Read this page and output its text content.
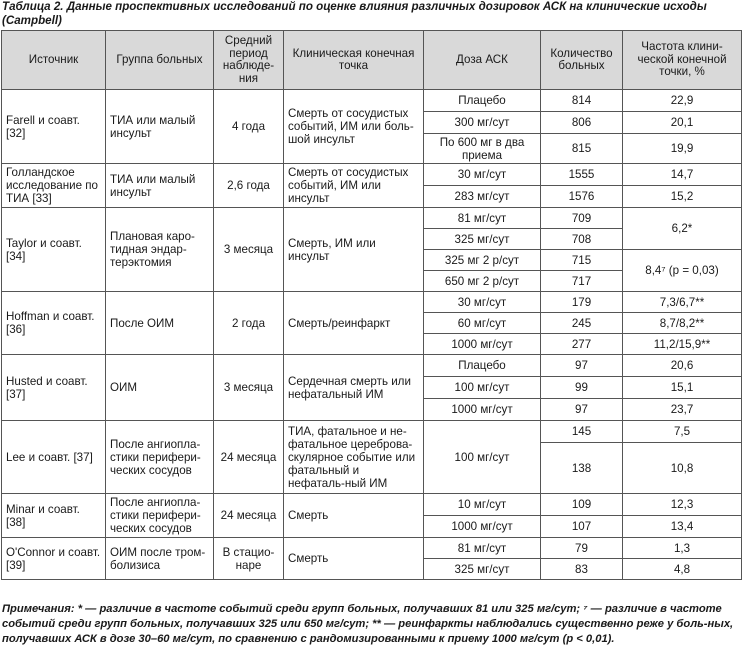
Таблица 2. Данные проспективных исследований по оценке влияния различных дозировок АСК на клинические исходы (Campbell)
Источник	Группа больных	Средний период наблюде-ния	Клиническая конечная точка	Доза АСК	Количество больных	Частота клини-ческой конечной точки, %
Farell и соавт. [32]	ТИА или малый инсульт	4 года	Смерть от сосудистых событий, ИМ или боль-шой инсульт	Плацебо	814	22,9
				300 мг/сут	806	20,1
				По 600 мг в два приема	815	19,9
Голландское исследование по ТИА [33]	ТИА или малый инсульт	2,6 года	Смерть от сосудистых событий, ИМ или инсульт	30 мг/сут	1555	14,7
				283 мг/сут	1576	15,2
Taylor и соавт. [34]	Плановая каро-тидная эндар-терэктомия	3 месяца	Смерть, ИМ или инсульт	81 мг/сут	709	6,2*
				325 мг/сут	708	
				325 мг 2 р/сут	715	8,4⁷ (p = 0,03)
				650 мг 2 р/сут	717	
Hoffman и соавт. [36]	После ОИМ	2 года	Смерть/реинфаркт	30 мг/сут	179	7,3/6,7**
				60 мг/сут	245	8,7/8,2**
				1000 мг/сут	277	11,2/15,9**
Husted и соавт. [37]	ОИМ	3 месяца	Сердечная смерть или нефатальный ИМ	Плацебо	97	20,6
				100 мг/сут	99	15,1
				1000 мг/сут	97	23,7
Lee и соавт. [37]	После ангиопла-стики перифери-ческих сосудов	24 месяца	ТИА, фатальное и не-фатальное цереброва-скулярное событие или фатальный и нефаталь-ный ИМ	100 мг/сут	145	7,5
					138	10,8
Minar и соавт. [38]	После ангиопла-стики перифери-ческих сосудов	24 месяца	Смерть	10 мг/сут	109	12,3
				1000 мг/сут	107	13,4
O'Connor и соавт. [39]	ОИМ после тром-болизиса	В стацио-наре	Смерть	81 мг/сут	79	1,3
				325 мг/сут	83	4,8
Примечания: * — различие в частоте событий среди групп больных, получавших 81 или 325 мг/сут; ⁷ — различие в частоте событий среди групп больных, получавших 325 или 650 мг/сут; ** — реинфаркты наблюдались существенно реже у боль-ных, получавших АСК в дозе 30–60 мг/сут, по сравнению с рандомизированными к приему 1000 мг/сут (p < 0,01).
